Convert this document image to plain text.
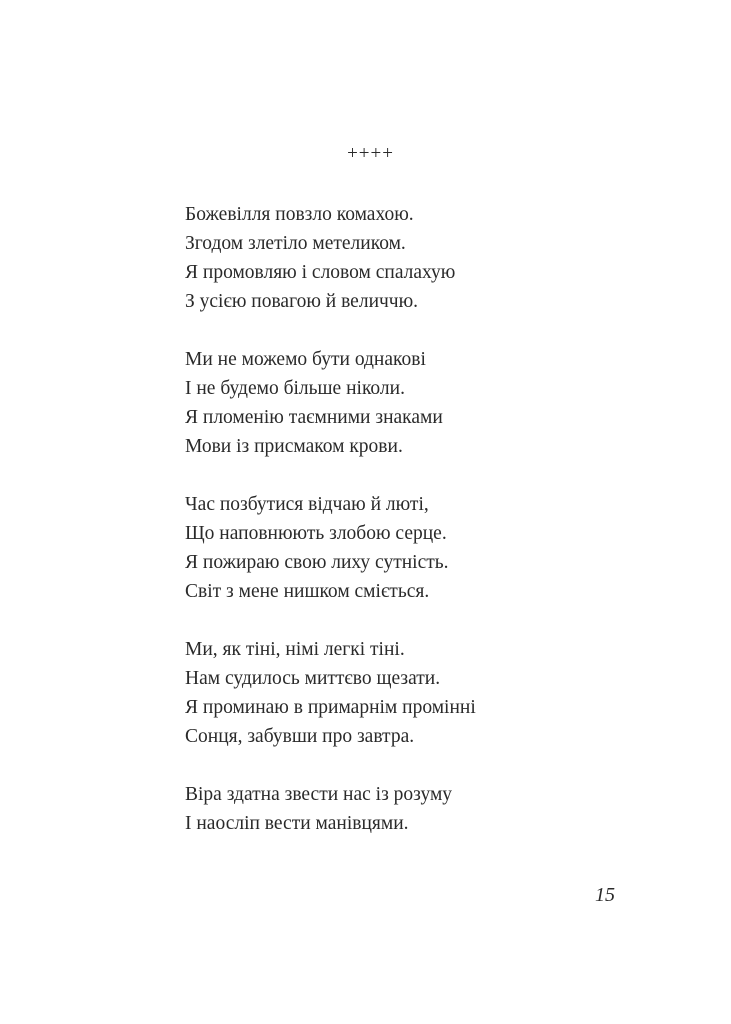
++++
Божевілля повзло комахою.
Згодом злетіло метеликом.
Я промовляю і словом спалахую
З усією повагою й величчю.
Ми не можемо бути однакові
І не будемо більше ніколи.
Я пломенію таємними знаками
Мови із присмаком крови.
Час позбутися відчаю й люті,
Що наповнюють злобою серце.
Я пожираю свою лиху сутність.
Світ з мене нишком сміється.
Ми, як тіні, німі легкі тіні.
Нам судилось миттєво щезати.
Я проминаю в примарнім промінні
Сонця, забувши про завтра.
Віра здатна звести нас із розуму
І наосліп вести манівцями.
15
